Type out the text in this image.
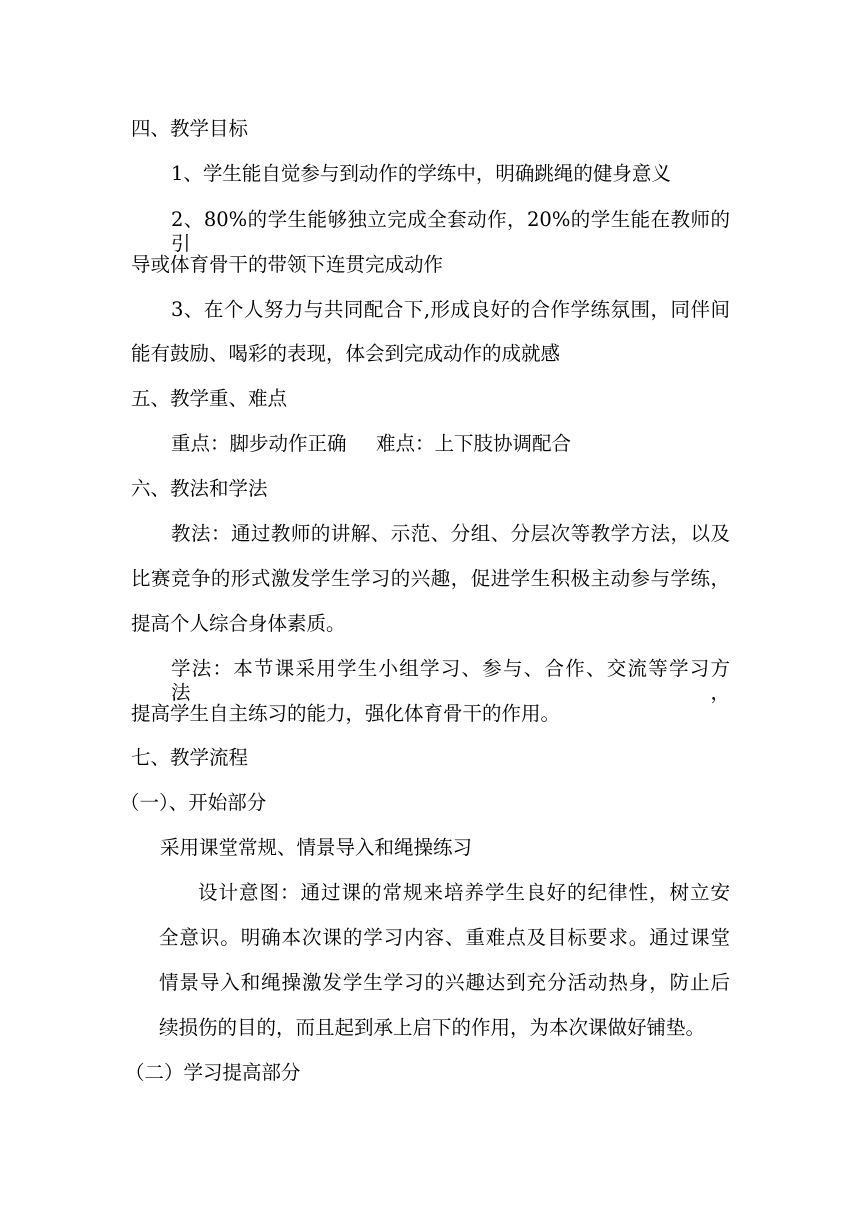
四、教学目标
1、学生能自觉参与到动作的学练中，明确跳绳的健身意义
2、80%的学生能够独立完成全套动作，20%的学生能在教师的引
导或体育骨干的带领下连贯完成动作
3、在个人努力与共同配合下,形成良好的合作学练氛围，同伴间
能有鼓励、喝彩的表现，体会到完成动作的成就感
五、教学重、难点
重点：脚步动作正确 难点：上下肢协调配合
六、教法和学法
教法：通过教师的讲解、示范、分组、分层次等教学方法，以及
比赛竞争的形式激发学生学习的兴趣，促进学生积极主动参与学练，
提高个人综合身体素质。
学法：本节课采用学生小组学习、参与、合作、交流等学习方法，
提高学生自主练习的能力，强化体育骨干的作用。
七、教学流程
（一）、开始部分
采用课堂常规、情景导入和绳操练习
设计意图：通过课的常规来培养学生良好的纪律性，树立安
全意识。明确本次课的学习内容、重难点及目标要求。通过课堂
情景导入和绳操激发学生学习的兴趣达到充分活动热身，防止后
续损伤的目的，而且起到承上启下的作用，为本次课做好铺垫。
（二）学习提高部分
